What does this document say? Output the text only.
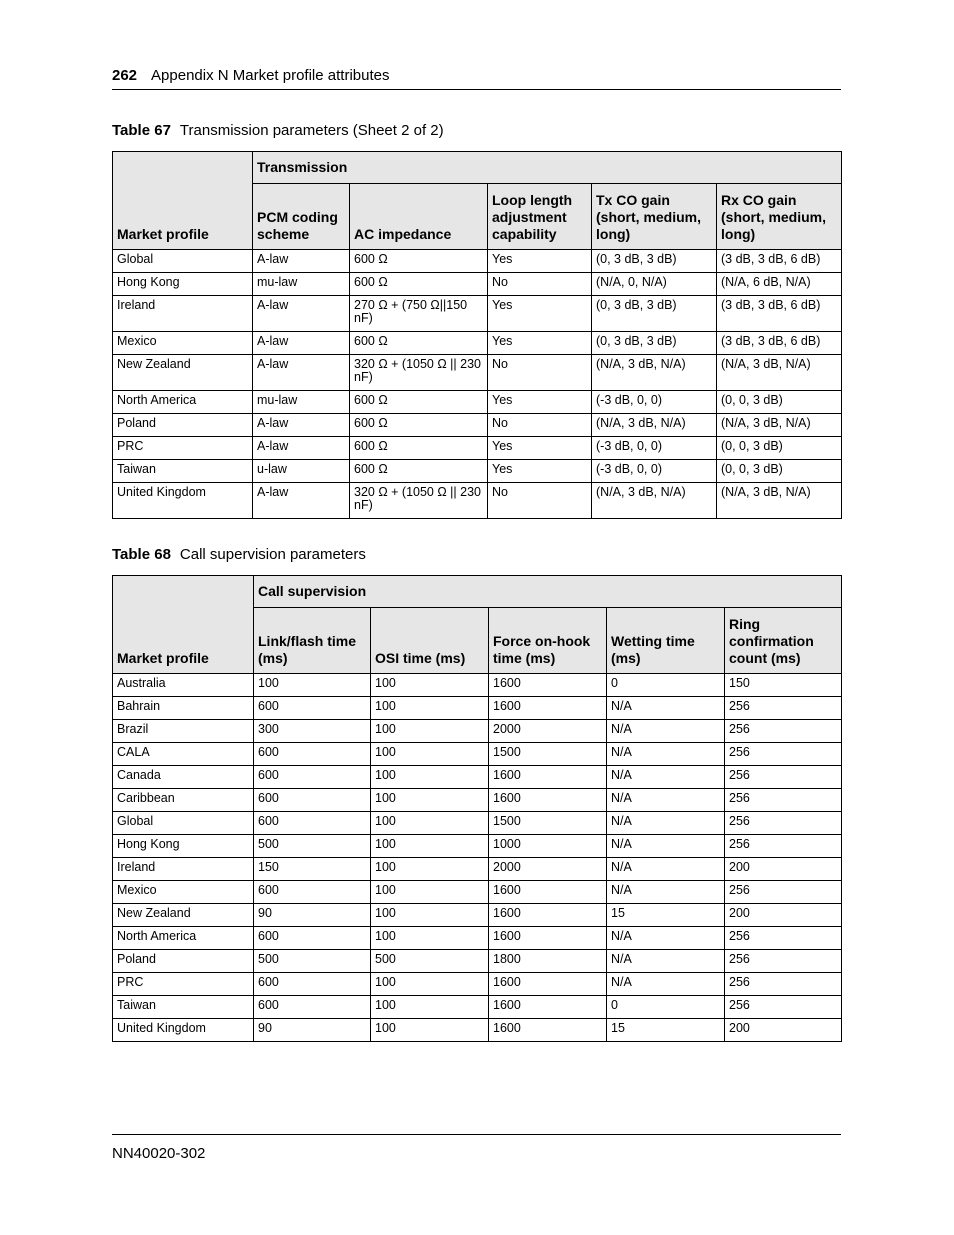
262 Appendix N Market profile attributes
Table 67 Transmission parameters (Sheet 2 of 2)
Market profile	Transmission				
	PCM coding scheme	AC impedance	Loop length adjustment capability	Tx CO gain (short, medium, long)	Rx CO gain (short, medium, long)
Global	A-law	600 Ω	Yes	(0, 3 dB, 3 dB)	(3 dB, 3 dB, 6 dB)
Hong Kong	mu-law	600 Ω	No	(N/A, 0, N/A)	(N/A, 6 dB, N/A)
Ireland	A-law	270 Ω + (750 Ω||150 nF)	Yes	(0, 3 dB, 3 dB)	(3 dB, 3 dB, 6 dB)
Mexico	A-law	600 Ω	Yes	(0, 3 dB, 3 dB)	(3 dB, 3 dB, 6 dB)
New Zealand	A-law	320 Ω + (1050 Ω || 230 nF)	No	(N/A, 3 dB, N/A)	(N/A, 3 dB, N/A)
North America	mu-law	600 Ω	Yes	(-3 dB, 0, 0)	(0, 0, 3 dB)
Poland	A-law	600 Ω	No	(N/A, 3 dB, N/A)	(N/A, 3 dB, N/A)
PRC	A-law	600 Ω	Yes	(-3 dB, 0, 0)	(0, 0, 3 dB)
Taiwan	u-law	600 Ω	Yes	(-3 dB, 0, 0)	(0, 0, 3 dB)
United Kingdom	A-law	320 Ω + (1050 Ω || 230 nF)	No	(N/A, 3 dB, N/A)	(N/A, 3 dB, N/A)
Table 68 Call supervision parameters
Market profile	Call supervision				
	Link/flash time (ms)	OSI time (ms)	Force on-hook time (ms)	Wetting time (ms)	Ring confirmation count (ms)
Australia	100	100	1600	0	150
Bahrain	600	100	1600	N/A	256
Brazil	300	100	2000	N/A	256
CALA	600	100	1500	N/A	256
Canada	600	100	1600	N/A	256
Caribbean	600	100	1600	N/A	256
Global	600	100	1500	N/A	256
Hong Kong	500	100	1000	N/A	256
Ireland	150	100	2000	N/A	200
Mexico	600	100	1600	N/A	256
New Zealand	90	100	1600	15	200
North America	600	100	1600	N/A	256
Poland	500	500	1800	N/A	256
PRC	600	100	1600	N/A	256
Taiwan	600	100	1600	0	256
United Kingdom	90	100	1600	15	200
NN40020-302
